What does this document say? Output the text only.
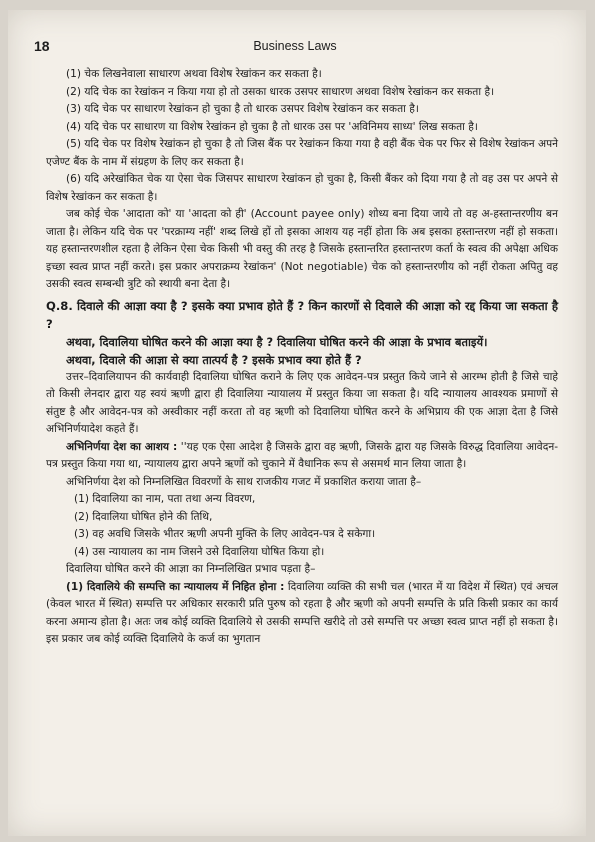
18	Business Laws

(1) चेक लिखनेवाला साधारण अथवा विशेष रेखांकन कर सकता है।

(2) यदि चेक का रेखांकन न किया गया हो तो उसका धारक उसपर साधारण अथवा विशेष रेखांकन कर सकता है।

(3) यदि चेक पर साधारण रेखांकन हो चुका है तो धारक उसपर विशेष रेखांकन कर सकता है।

(4) यदि चेक पर साधारण या विशेष रेखांकन हो चुका है तो धारक उस पर 'अविनिमय साध्य' लिख सकता है।

(5) यदि चेक पर विशेष रेखांकन हो चुका है तो जिस बैंक पर रेखांकन किया गया है वही बैंक चेक पर फिर से विशेष रेखांकन अपने एजेण्ट बैंक के नाम में संग्रहण के लिए कर सकता है।

(6) यदि अरेखांकित चेक या ऐसा चेक जिसपर साधारण रेखांकन हो चुका है, किसी बैंकर को दिया गया है तो वह उस पर अपने से विशेष रेखांकन कर सकता है।

जब कोई चेक 'आदाता को' या 'आदता को ही' (Account payee only) शोध्य बना दिया जाये तो वह अ-हस्तान्तरणीय बन जाता है। लेकिन यदि चेक पर 'परक्राम्य नहीं' शब्द लिखे हों तो इसका आशय यह नहीं होता कि अब इसका हस्तान्तरण नहीं हो सकता। यह हस्तान्तरणशील रहता है लेकिन ऐसा चेक किसी भी वस्तु की तरह है जिसके हस्तान्तरित हस्तान्तरण कर्ता के स्वत्व की अपेक्षा अधिक इच्छा स्वत्व प्राप्त नहीं करते। इस प्रकार अपराक्रम्य रेखांकन' (Not negotiable) चेक को हस्तान्तरणीय को नहीं रोकता अपितु वह उसकी स्वत्व सम्बन्धी त्रुटि को स्थायी बना देता है।

Q.8. दिवाले की आज्ञा क्या है ? इसके क्या प्रभाव होते हैं ? किन कारणों से दिवाले की आज्ञा को रद्द किया जा सकता है ?

अथवा, दिवालिया घोषित करने की आज्ञा क्या है ? दिवालिया घोषित करने की आज्ञा के प्रभाव बताइयें।

अथवा, दिवाले की आज्ञा से क्या तात्पर्य है ? इसके प्रभाव क्या होते हैं ?

उत्तर–दिवालियापन की कार्यवाही दिवालिया घोषित कराने के लिए एक आवेदन-पत्र प्रस्तुत किये जाने से आरम्भ होती है जिसे चाहे तो किसी लेनदार द्वारा यह स्वयं ऋणी द्वारा ही दिवालिया न्यायालय में प्रस्तुत किया जा सकता है। यदि न्यायालय आवश्यक प्रमाणों से संतुष्ट है और आवेदन-पत्र को अस्वीकार नहीं करता तो वह ऋणी को दिवालिया घोषित करने के अभिप्राय की एक आज्ञा देता है जिसे अभिनिर्णयादेश कहते हैं।

अभिनिर्णया देश का आशय : ''यह एक ऐसा आदेश है जिसके द्वारा वह ऋणी, जिसके द्वारा यह जिसके विरुद्ध दिवालिया आवेदन-पत्र प्रस्तुत किया गया था, न्यायालय द्वारा अपने ऋणों को चुकाने में वैधानिक रूप से असमर्थ मान लिया जाता है।

अभिनिर्णया देश को निम्नलिखित विवरणों के साथ राजकीय गजट में प्रकाशित कराया जाता है–

(1) दिवालिया का नाम, पता तथा अन्य विवरण,

(2) दिवालिया घोषित होने की तिथि,

(3) वह अवधि जिसके भीतर ऋणी अपनी मुक्ति के लिए आवेदन-पत्र दे सकेगा।

(4) उस न्यायालय का नाम जिसने उसे दिवालिया घोषित किया हो।

दिवालिया घोषित करने की आज्ञा का निम्नलिखित प्रभाव पड़ता है–

(1) दिवालिये की सम्पत्ति का न्यायालय में निहित होना : दिवालिया व्यक्ति की सभी चल (भारत में या विदेश में स्थित) एवं अचल (केवल भारत में स्थित) सम्पत्ति पर अधिकार सरकारी प्रति पुरुष को रहता है और ऋणी को अपनी सम्पत्ति के प्रति किसी प्रकार का कार्य करना अमान्य होता है। अतः जब कोई व्यक्ति दिवालिये से उसकी सम्पत्ति खरीदे तो उसे सम्पत्ति पर अच्छा स्वत्व प्राप्त नहीं हो सकता है। इस प्रकार जब कोई व्यक्ति दिवालिये के कर्ज का भुगतान
